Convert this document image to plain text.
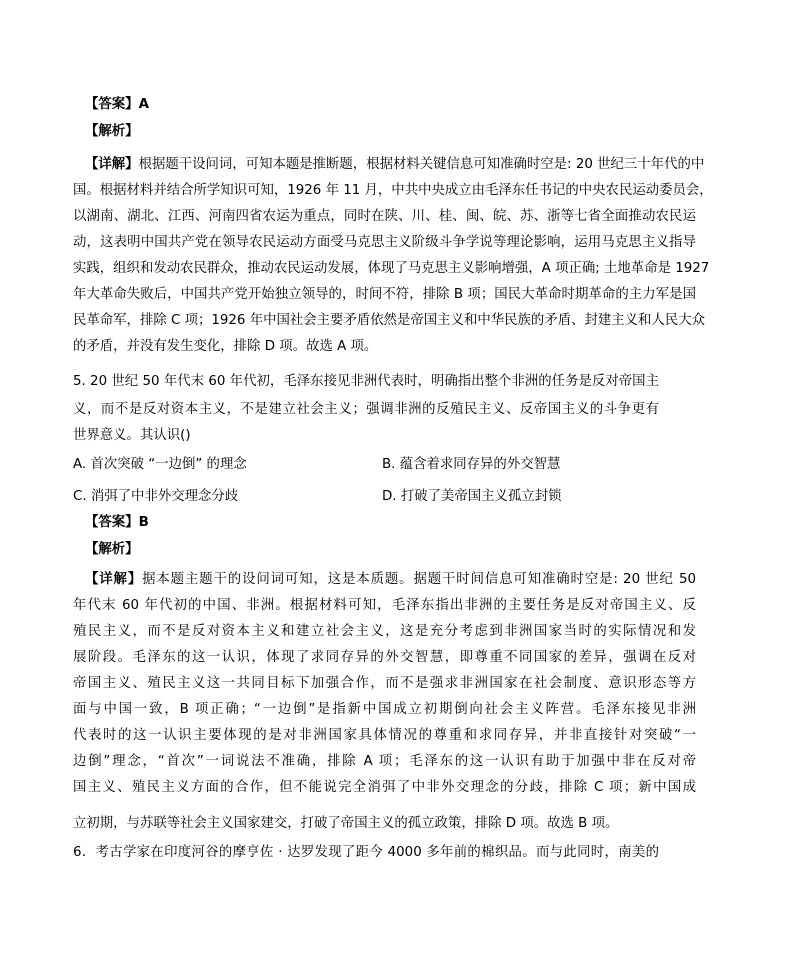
【答案】A
【解析】
【详解】根据题干设问词，可知本题是推断题，根据材料关键信息可知准确时空是: 20 世纪三十年代的中
国。根据材料并结合所学知识可知，1926 年 11 月，中共中央成立由毛泽东任书记的中央农民运动委员会，
以湖南、湖北、江西、河南四省农运为重点，同时在陕、川、桂、闽、皖、苏、浙等七省全面推动农民运
动，这表明中国共产党在领导农民运动方面受马克思主义阶级斗争学说等理论影响，运用马克思主义指导
实践，组织和发动农民群众，推动农民运动发展，体现了马克思主义影响增强，A 项正确; 土地革命是 1927
年大革命失败后，中国共产党开始独立领导的，时间不符，排除 B 项；国民大革命时期革命的主力军是国
民革命军，排除 C 项；1926 年中国社会主要矛盾依然是帝国主义和中华民族的矛盾、封建主义和人民大众
的矛盾，并没有发生变化，排除 D 项。故选 A 项。
5. 20 世纪 50 年代末 60 年代初，毛泽东接见非洲代表时，明确指出整个非洲的任务是反对帝国主
义，而不是反对资本主义，不是建立社会主义；强调非洲的反殖民主义、反帝国主义的斗争更有
世界意义。其认识()
A. 首次突破 “一边倒” 的理念	B. 蕴含着求同存异的外交智慧
C. 消弭了中非外交理念分歧	D. 打破了美帝国主义孤立封锁
【答案】B
【解析】
【详解】据本题主题干的设问词可知，这是本质题。据题干时间信息可知准确时空是: 20 世纪 50
年代末 60 年代初的中国、非洲。根据材料可知，毛泽东指出非洲的主要任务是反对帝国主义、反
殖民主义，而不是反对资本主义和建立社会主义，这是充分考虑到非洲国家当时的实际情况和发
展阶段。毛泽东的这一认识，体现了求同存异的外交智慧，即尊重不同国家的差异，强调在反对
帝国主义、殖民主义这一共同目标下加强合作，而不是强求非洲国家在社会制度、意识形态等方
面与中国一致，B 项正确；“一边倒”是指新中国成立初期倒向社会主义阵营。毛泽东接见非洲
代表时的这一认识主要体现的是对非洲国家具体情况的尊重和求同存异，并非直接针对突破“一
边倒”理念，“首次”一词说法不准确，排除 A 项；毛泽东的这一认识有助于加强中非在反对帝
国主义、殖民主义方面的合作，但不能说完全消弭了中非外交理念的分歧，排除 C 项；新中国成
立初期，与苏联等社会主义国家建交，打破了帝国主义的孤立政策，排除 D 项。故选 B 项。
6．考古学家在印度河谷的摩亨佐 · 达罗发现了距今 4000 多年前的棉织品。而与此同时，南美的
